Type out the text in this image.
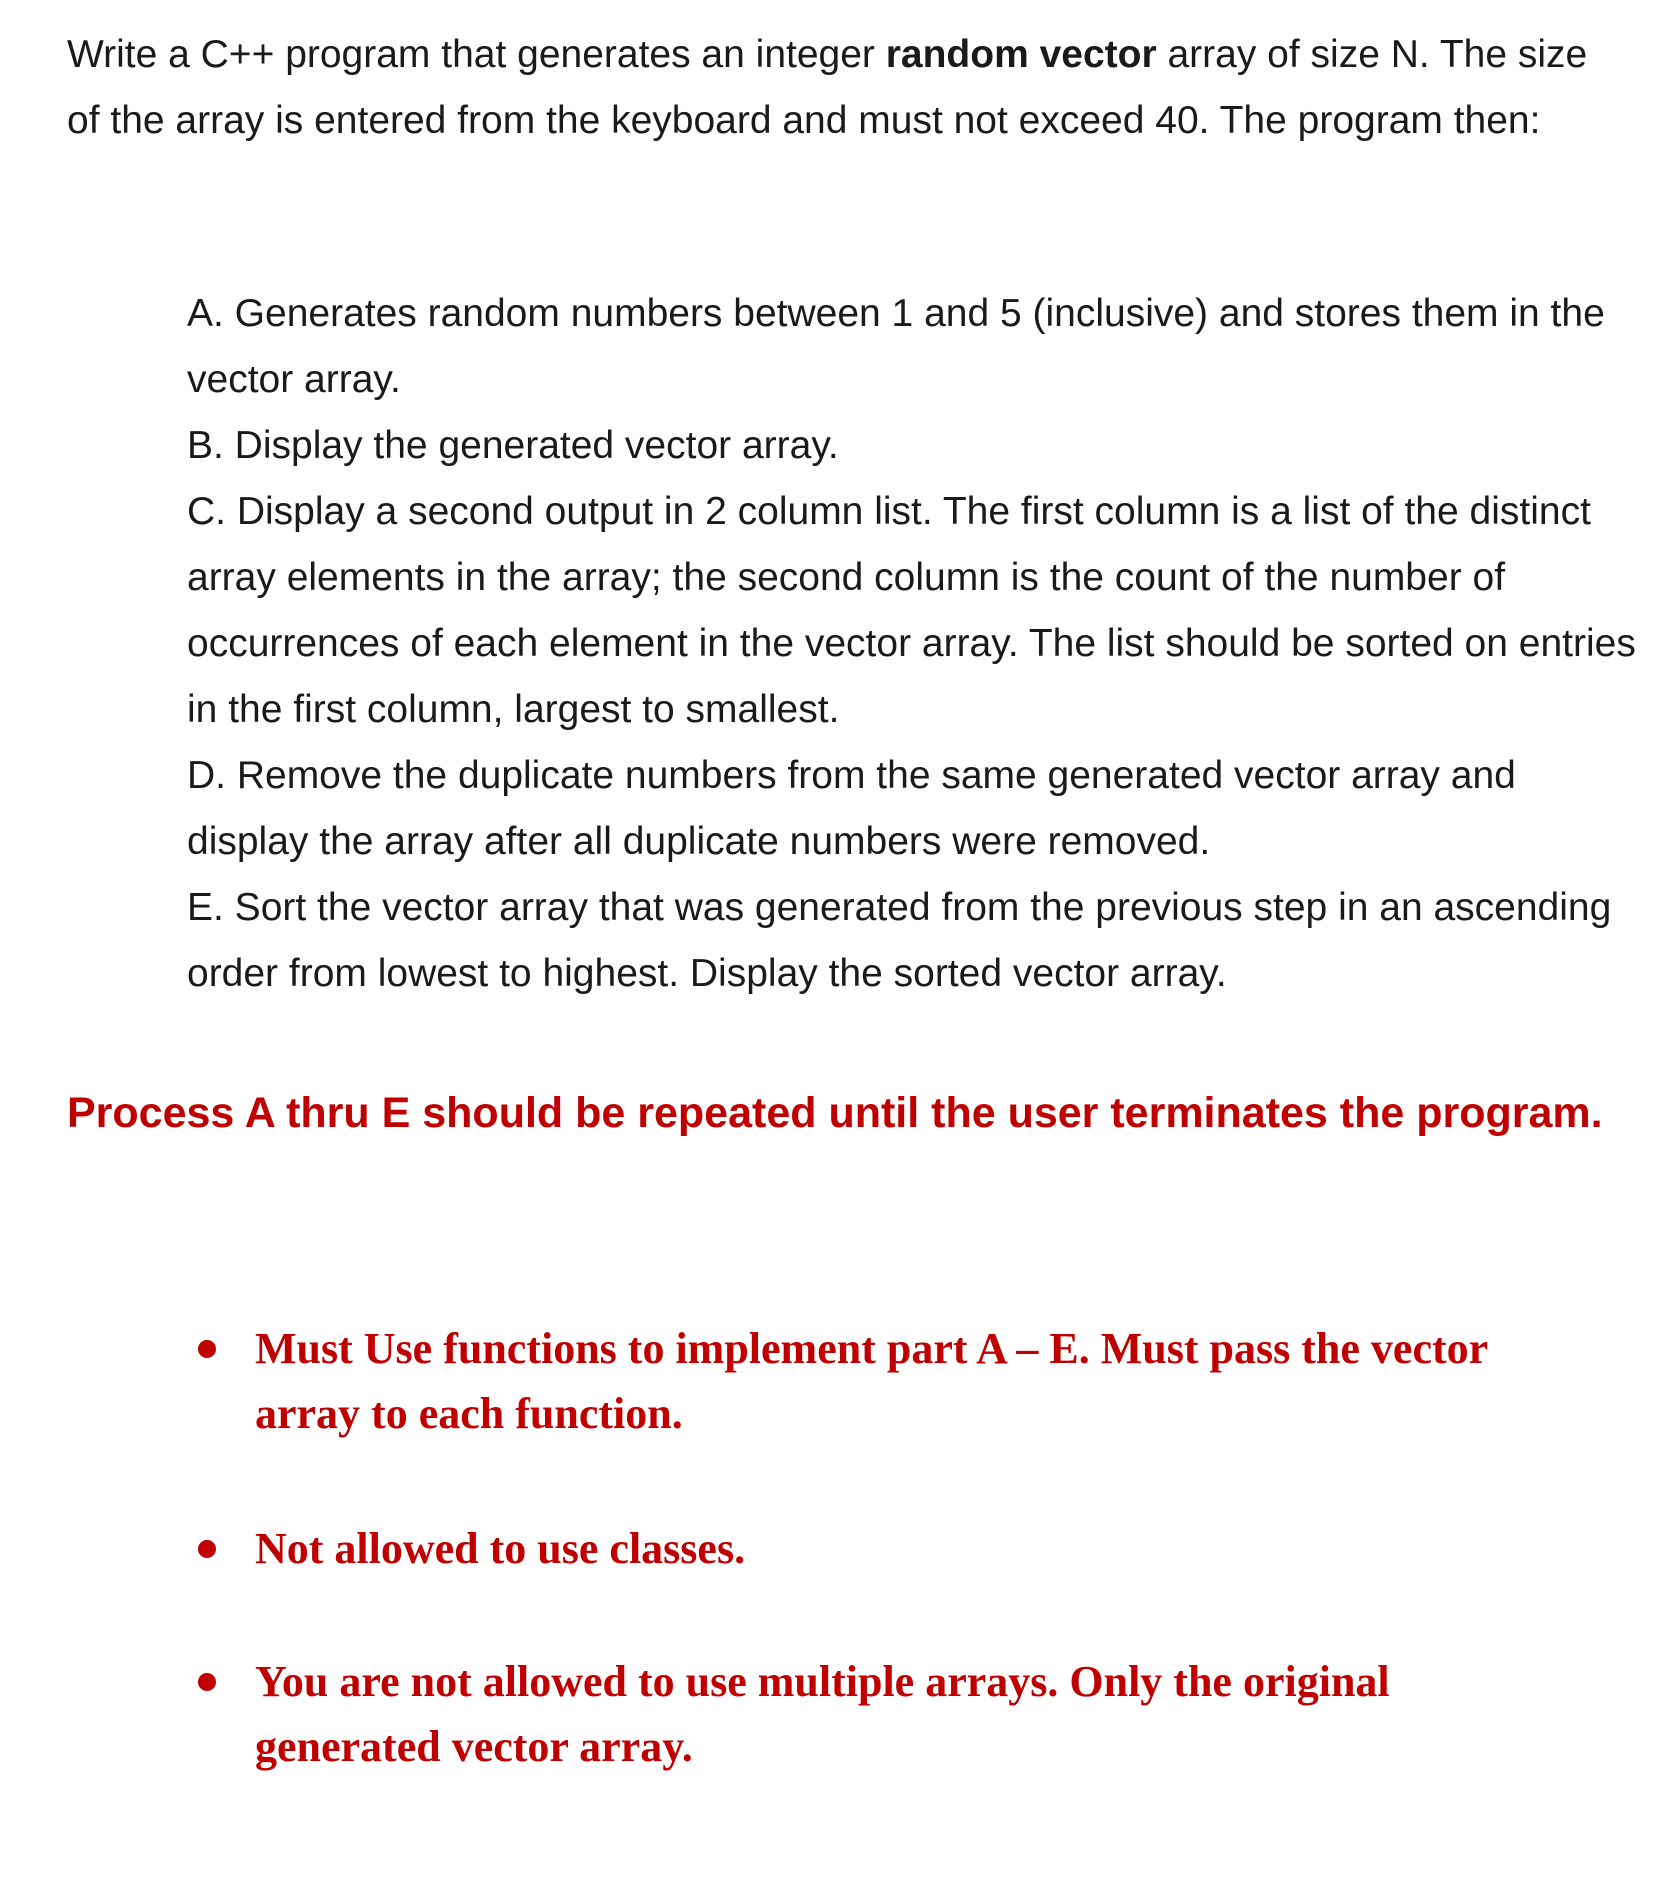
Write a C++ program that generates an integer random vector array of size N. The size of the array is entered from the keyboard and must not exceed 40. The program then:

A. Generates random numbers between 1 and 5 (inclusive) and stores them in the vector array.
B. Display the generated vector array.
C. Display a second output in 2 column list. The first column is a list of the distinct array elements in the array; the second column is the count of the number of occurrences of each element in the vector array. The list should be sorted on entries in the first column, largest to smallest.
D. Remove the duplicate numbers from the same generated vector array and display the array after all duplicate numbers were removed.
E. Sort the vector array that was generated from the previous step in an ascending order from lowest to highest. Display the sorted vector array.

Process A thru E should be repeated until the user terminates the program.

Must Use functions to implement part A – E. Must pass the vector array to each function.
Not allowed to use classes.
You are not allowed to use multiple arrays. Only the original generated vector array.
